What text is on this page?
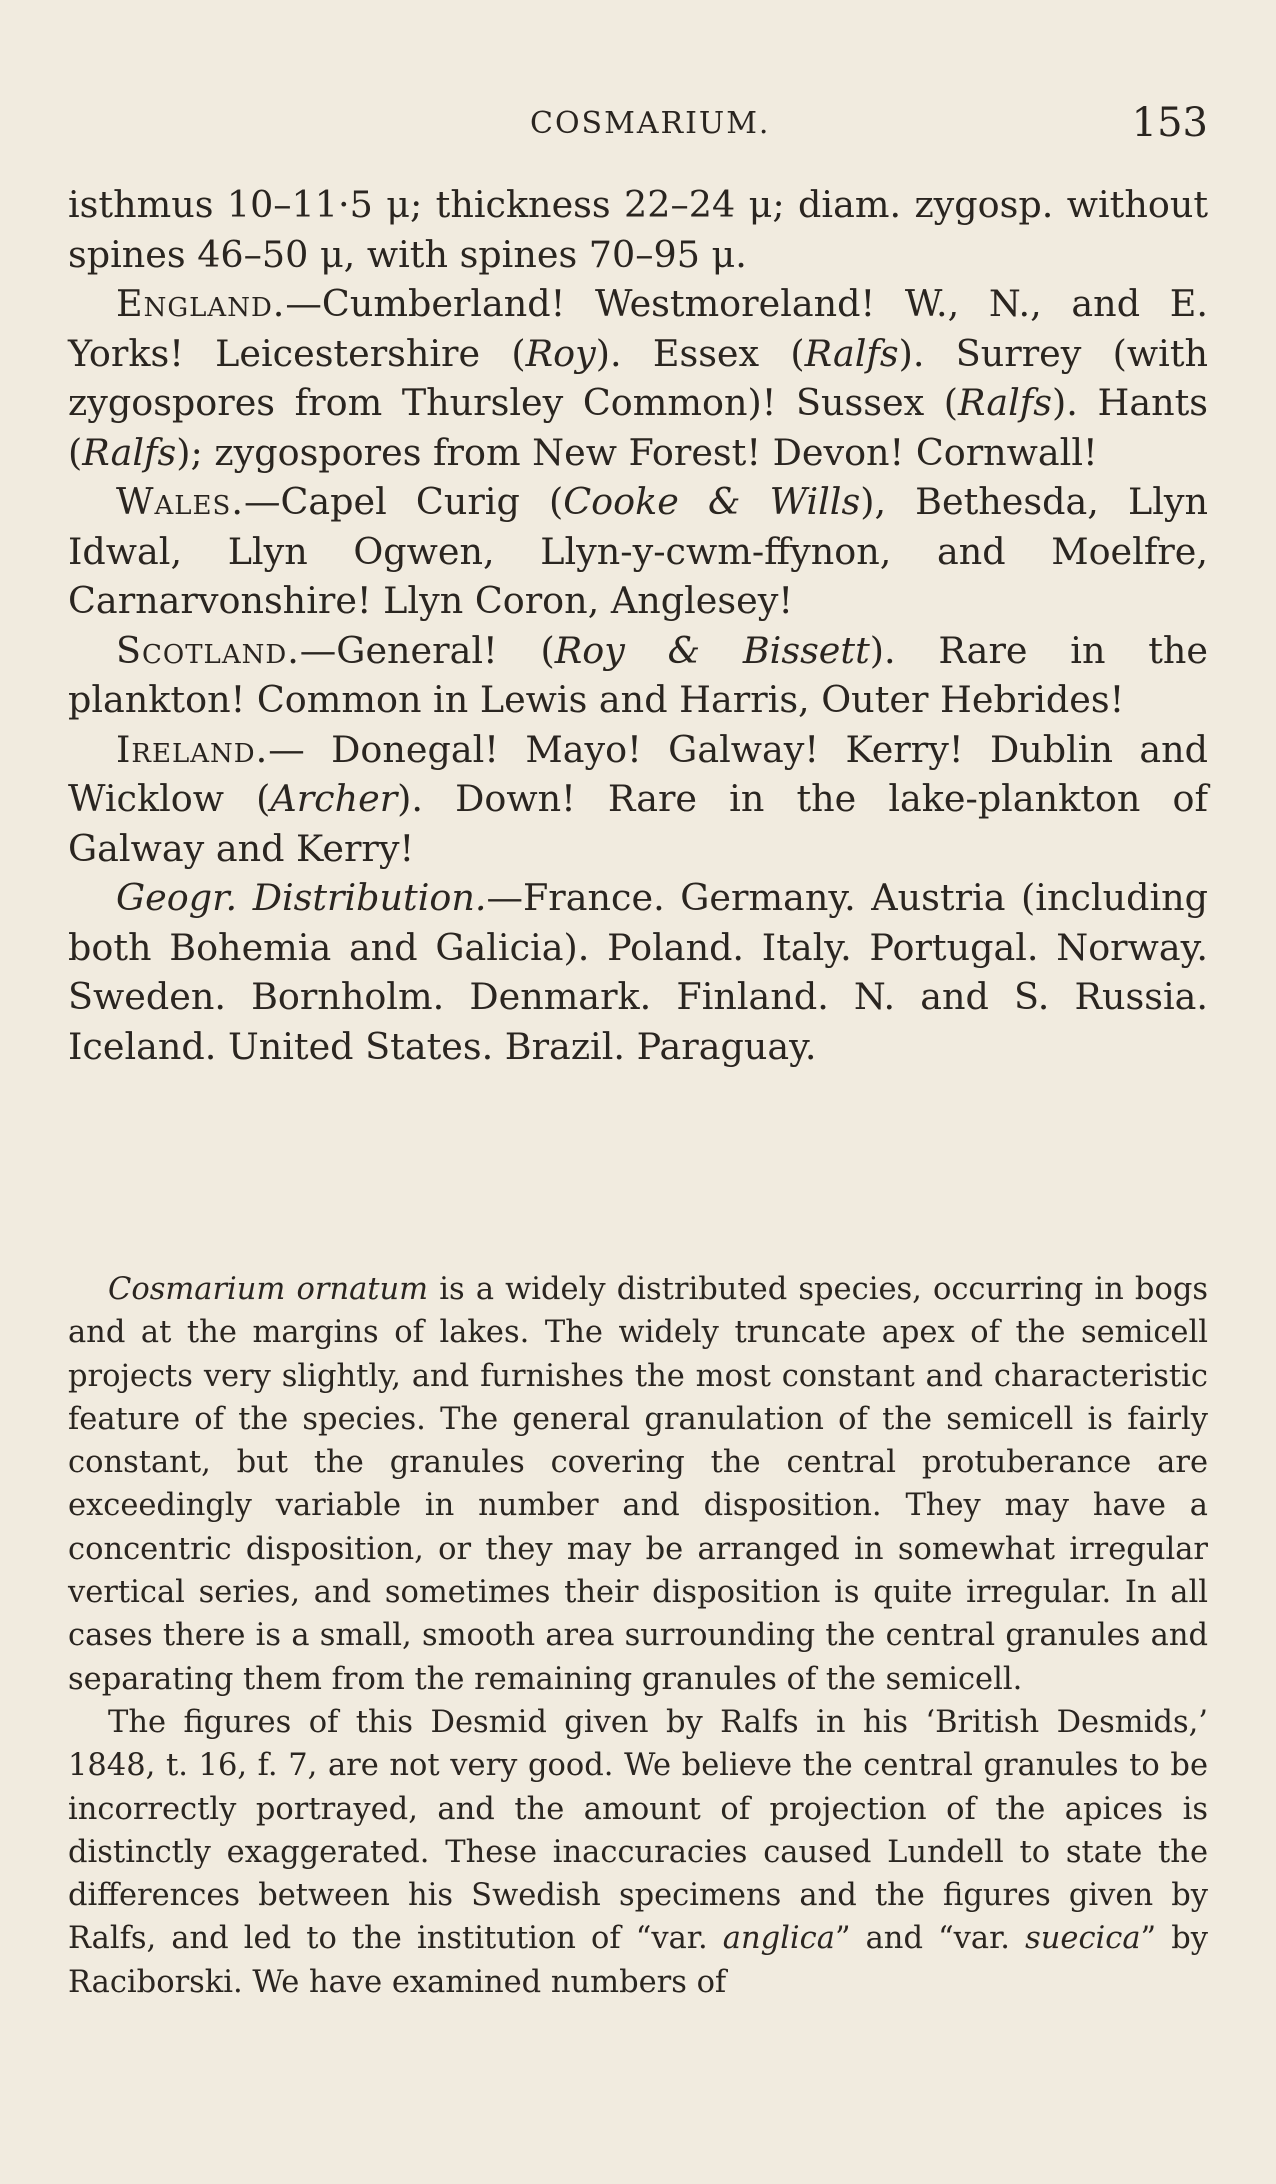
COSMARIUM.	153

isthmus 10–11·5 μ; thickness 22–24 μ; diam. zygosp. without spines 46–50 μ, with spines 70–95 μ.

England.—Cumberland! Westmoreland! W., N., and E. Yorks! Leicestershire (Roy). Essex (Ralfs). Surrey (with zygospores from Thursley Common)! Sussex (Ralfs). Hants (Ralfs); zygospores from New Forest! Devon! Cornwall!

Wales.—Capel Curig (Cooke & Wills), Bethesda, Llyn Idwal, Llyn Ogwen, Llyn-y-cwm-ffynon, and Moelfre, Carnarvonshire! Llyn Coron, Anglesey!

Scotland.—General! (Roy & Bissett). Rare in the plankton! Common in Lewis and Harris, Outer Hebrides!

Ireland.— Donegal! Mayo! Galway! Kerry! Dublin and Wicklow (Archer). Down! Rare in the lake-plankton of Galway and Kerry!

Geogr. Distribution.—France. Germany. Austria (including both Bohemia and Galicia). Poland. Italy. Portugal. Norway. Sweden. Bornholm. Denmark. Finland. N. and S. Russia. Iceland. United States. Brazil. Paraguay.

Cosmarium ornatum is a widely distributed species, occurring in bogs and at the margins of lakes. The widely truncate apex of the semicell projects very slightly, and furnishes the most constant and characteristic feature of the species. The general granulation of the semicell is fairly constant, but the granules covering the central protuberance are exceedingly variable in number and disposition. They may have a concentric disposition, or they may be arranged in somewhat irregular vertical series, and sometimes their disposition is quite irregular. In all cases there is a small, smooth area surrounding the central granules and separating them from the remaining granules of the semicell.

The figures of this Desmid given by Ralfs in his ‘British Desmids,’ 1848, t. 16, f. 7, are not very good. We believe the central granules to be incorrectly portrayed, and the amount of projection of the apices is distinctly exaggerated. These inaccuracies caused Lundell to state the differences between his Swedish specimens and the figures given by Ralfs, and led to the institution of “var. anglica” and “var. suecica” by Raciborski. We have examined numbers of
